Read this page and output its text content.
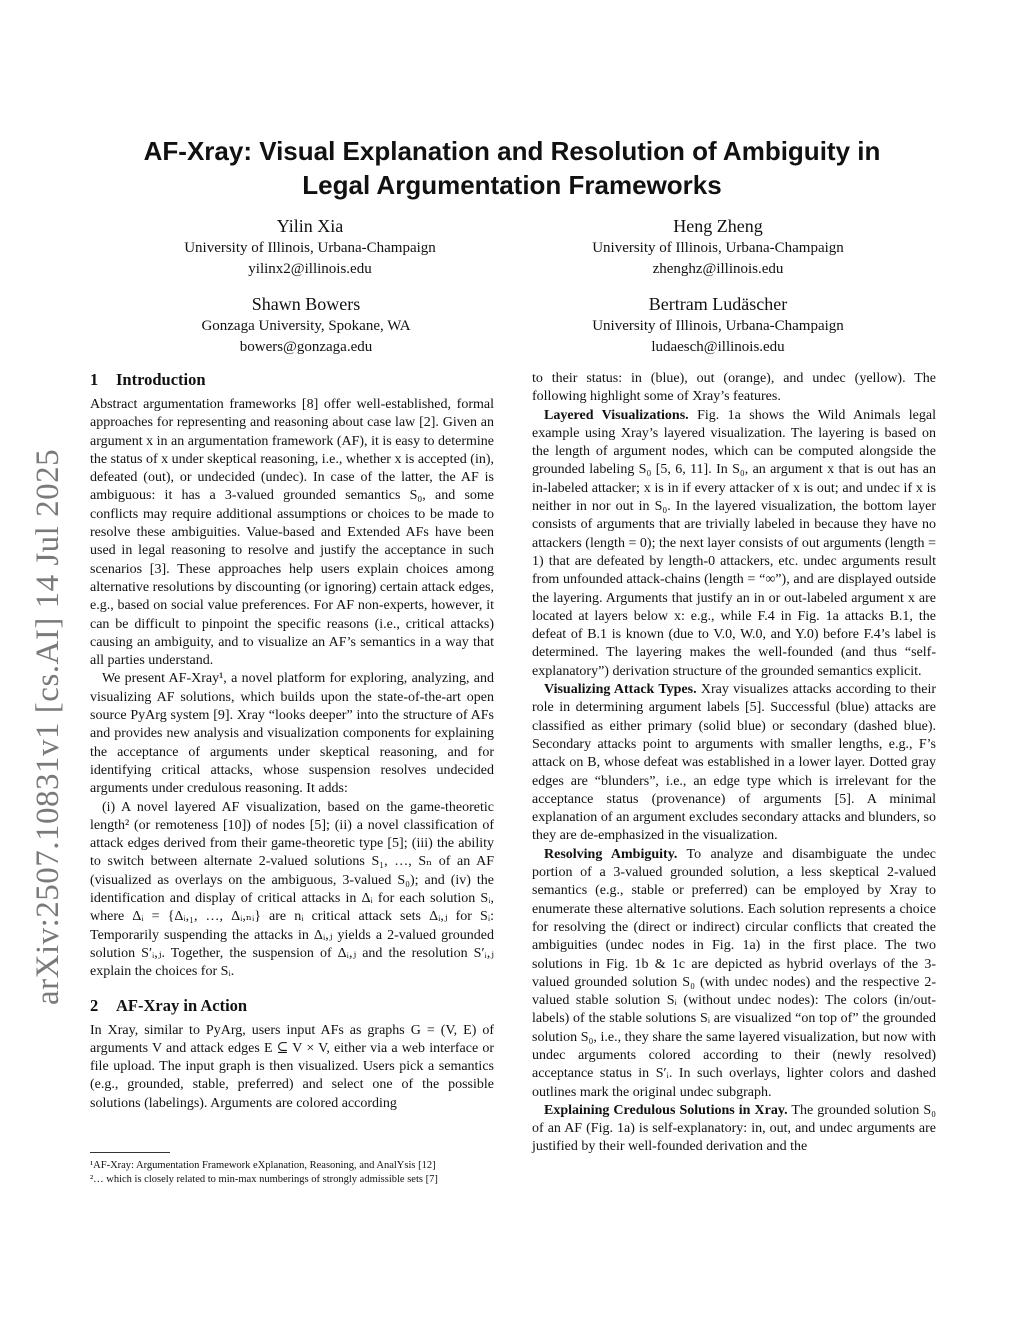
arXiv:2507.10831v1 [cs.AI] 14 Jul 2025
AF-Xray: Visual Explanation and Resolution of Ambiguity in
Legal Argumentation Frameworks
Yilin Xia
University of Illinois, Urbana-Champaign
yilinx2@illinois.edu
Heng Zheng
University of Illinois, Urbana-Champaign
zhenghz@illinois.edu
Shawn Bowers
Gonzaga University, Spokane, WA
bowers@gonzaga.edu
Bertram Ludäscher
University of Illinois, Urbana-Champaign
ludaesch@illinois.edu
1 Introduction

Abstract argumentation frameworks [8] offer well-established, formal approaches for representing and reasoning about case law [2]. Given an argument x in an argumentation framework (AF), it is easy to determine the status of x under skeptical reasoning, i.e., whether x is accepted (in), defeated (out), or undecided (undec). In case of the latter, the AF is ambiguous: it has a 3-valued grounded semantics S₀, and some conflicts may require additional assumptions or choices to be made to resolve these ambiguities. Value-based and Extended AFs have been used in legal reasoning to resolve and justify the acceptance in such scenarios [3]. These approaches help users explain choices among alternative resolutions by discounting (or ignoring) certain attack edges, e.g., based on social value preferences. For AF non-experts, however, it can be difficult to pinpoint the specific reasons (i.e., critical attacks) causing an ambiguity, and to visualize an AF’s semantics in a way that all parties understand.

We present AF-Xray¹, a novel platform for exploring, analyzing, and visualizing AF solutions, which builds upon the state-of-the-art open source PyArg system [9]. Xray “looks deeper” into the structure of AFs and provides new analysis and visualization components for explaining the acceptance of arguments under skeptical reasoning, and for identifying critical attacks, whose suspension resolves undecided arguments under credulous reasoning. It adds:

(i) A novel layered AF visualization, based on the game-theoretic length² (or remoteness [10]) of nodes [5]; (ii) a novel classification of attack edges derived from their game-theoretic type [5]; (iii) the ability to switch between alternate 2-valued solutions S₁, …, Sₙ of an AF (visualized as overlays on the ambiguous, 3-valued S₀); and (iv) the identification and display of critical attacks in Δᵢ for each solution Sᵢ, where Δᵢ = {Δᵢ,₁, …, Δᵢ,ₙᵢ} are nᵢ critical attack sets Δᵢ,ⱼ for Sᵢ: Temporarily suspending the attacks in Δᵢ,ⱼ yields a 2-valued grounded solution S′ᵢ,ⱼ. Together, the suspension of Δᵢ,ⱼ and the resolution S′ᵢ,ⱼ explain the choices for Sᵢ.

2 AF-Xray in Action

In Xray, similar to PyArg, users input AFs as graphs G = (V, E) of arguments V and attack edges E ⊆ V × V, either via a web interface or file upload. The input graph is then visualized. Users pick a semantics (e.g., grounded, stable, preferred) and select one of the possible solutions (labelings). Arguments are colored according

to their status: in (blue), out (orange), and undec (yellow). The following highlight some of Xray’s features.

Layered Visualizations. Fig. 1a shows the Wild Animals legal example using Xray’s layered visualization. The layering is based on the length of argument nodes, which can be computed alongside the grounded labeling S₀ [5, 6, 11]. In S₀, an argument x that is out has an in-labeled attacker; x is in if every attacker of x is out; and undec if x is neither in nor out in S₀. In the layered visualization, the bottom layer consists of arguments that are trivially labeled in because they have no attackers (length = 0); the next layer consists of out arguments (length = 1) that are defeated by length-0 attackers, etc. undec arguments result from unfounded attack-chains (length = “∞”), and are displayed outside the layering. Arguments that justify an in or out-labeled argument x are located at layers below x: e.g., while F.4 in Fig. 1a attacks B.1, the defeat of B.1 is known (due to V.0, W.0, and Y.0) before F.4’s label is determined. The layering makes the well-founded (and thus “self-explanatory”) derivation structure of the grounded semantics explicit.

Visualizing Attack Types. Xray visualizes attacks according to their role in determining argument labels [5]. Successful (blue) attacks are classified as either primary (solid blue) or secondary (dashed blue). Secondary attacks point to arguments with smaller lengths, e.g., F’s attack on B, whose defeat was established in a lower layer. Dotted gray edges are “blunders”, i.e., an edge type which is irrelevant for the acceptance status (provenance) of arguments [5]. A minimal explanation of an argument excludes secondary attacks and blunders, so they are de-emphasized in the visualization.

Resolving Ambiguity. To analyze and disambiguate the undec portion of a 3-valued grounded solution, a less skeptical 2-valued semantics (e.g., stable or preferred) can be employed by Xray to enumerate these alternative solutions. Each solution represents a choice for resolving the (direct or indirect) circular conflicts that created the ambiguities (undec nodes in Fig. 1a) in the first place. The two solutions in Fig. 1b & 1c are depicted as hybrid overlays of the 3-valued grounded solution S₀ (with undec nodes) and the respective 2-valued stable solution Sᵢ (without undec nodes): The colors (in/out-labels) of the stable solutions Sᵢ are visualized “on top of” the grounded solution S₀, i.e., they share the same layered visualization, but now with undec arguments colored according to their (newly resolved) acceptance status in S′ᵢ. In such overlays, lighter colors and dashed outlines mark the original undec subgraph.

Explaining Credulous Solutions in Xray. The grounded solution S₀ of an AF (Fig. 1a) is self-explanatory: in, out, and undec arguments are justified by their well-founded derivation and the

¹AF-Xray: Argumentation Framework eXplanation, Reasoning, and AnalYsis [12]
²… which is closely related to min-max numberings of strongly admissible sets [7]
